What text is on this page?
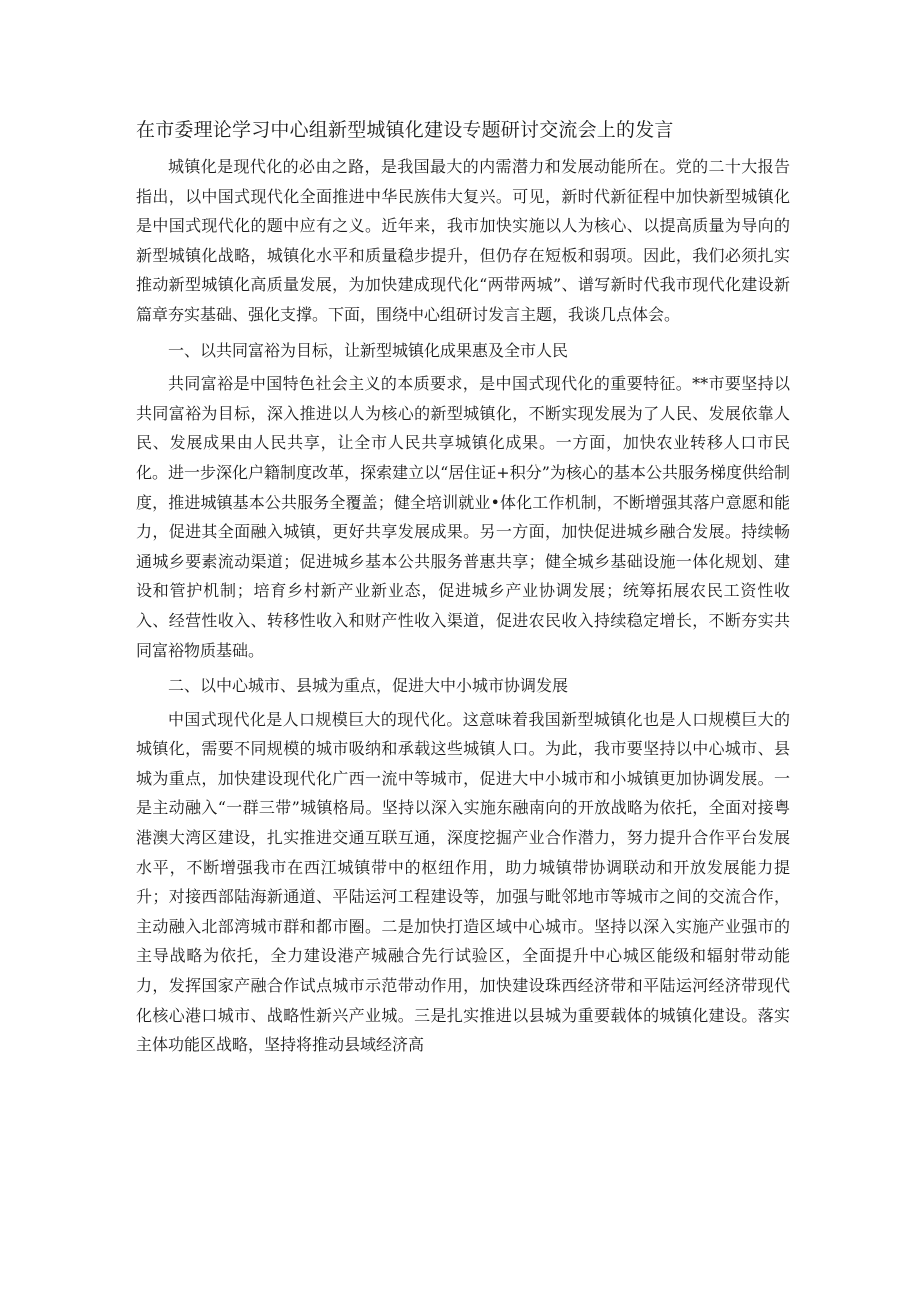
在市委理论学习中心组新型城镇化建设专题研讨交流会上的发言

城镇化是现代化的必由之路，是我国最大的内需潜力和发展动能所在。党的二十大报告指出，以中国式现代化全面推进中华民族伟大复兴。可见，新时代新征程中加快新型城镇化是中国式现代化的题中应有之义。近年来，我市加快实施以人为核心、以提高质量为导向的新型城镇化战略，城镇化水平和质量稳步提升，但仍存在短板和弱项。因此，我们必须扎实推动新型城镇化高质量发展，为加快建成现代化“两带两城”、谱写新时代我市现代化建设新篇章夯实基础、强化支撑。下面，围绕中心组研讨发言主题，我谈几点体会。

一、以共同富裕为目标，让新型城镇化成果惠及全市人民

共同富裕是中国特色社会主义的本质要求，是中国式现代化的重要特征。**市要坚持以共同富裕为目标，深入推进以人为核心的新型城镇化，不断实现发展为了人民、发展依靠人民、发展成果由人民共享，让全市人民共享城镇化成果。一方面，加快农业转移人口市民化。进一步深化户籍制度改革，探索建立以“居住证+积分”为核心的基本公共服务梯度供给制度，推进城镇基本公共服务全覆盖；健全培训就业•体化工作机制，不断增强其落户意愿和能力，促进其全面融入城镇，更好共享发展成果。另一方面，加快促进城乡融合发展。持续畅通城乡要素流动渠道；促进城乡基本公共服务普惠共享；健全城乡基础设施一体化规划、建设和管护机制；培育乡村新产业新业态，促进城乡产业协调发展；统筹拓展农民工资性收入、经营性收入、转移性收入和财产性收入渠道，促进农民收入持续稳定增长，不断夯实共同富裕物质基础。

二、以中心城市、县城为重点，促进大中小城市协调发展

中国式现代化是人口规模巨大的现代化。这意味着我国新型城镇化也是人口规模巨大的城镇化，需要不同规模的城市吸纳和承载这些城镇人口。为此，我市要坚持以中心城市、县城为重点，加快建设现代化广西一流中等城市，促进大中小城市和小城镇更加协调发展。一是主动融入“一群三带”城镇格局。坚持以深入实施东融南向的开放战略为依托，全面对接粤港澳大湾区建设，扎实推进交通互联互通，深度挖掘产业合作潜力，努力提升合作平台发展水平，不断增强我市在西江城镇带中的枢纽作用，助力城镇带协调联动和开放发展能力提升；对接西部陆海新通道、平陆运河工程建设等，加强与毗邻地市等城市之间的交流合作，主动融入北部湾城市群和都市圈。二是加快打造区域中心城市。坚持以深入实施产业强市的主导战略为依托，全力建设港产城融合先行试验区，全面提升中心城区能级和辐射带动能力，发挥国家产融合作试点城市示范带动作用，加快建设珠西经济带和平陆运河经济带现代化核心港口城市、战略性新兴产业城。三是扎实推进以县城为重要载体的城镇化建设。落实主体功能区战略，坚持将推动县域经济高
